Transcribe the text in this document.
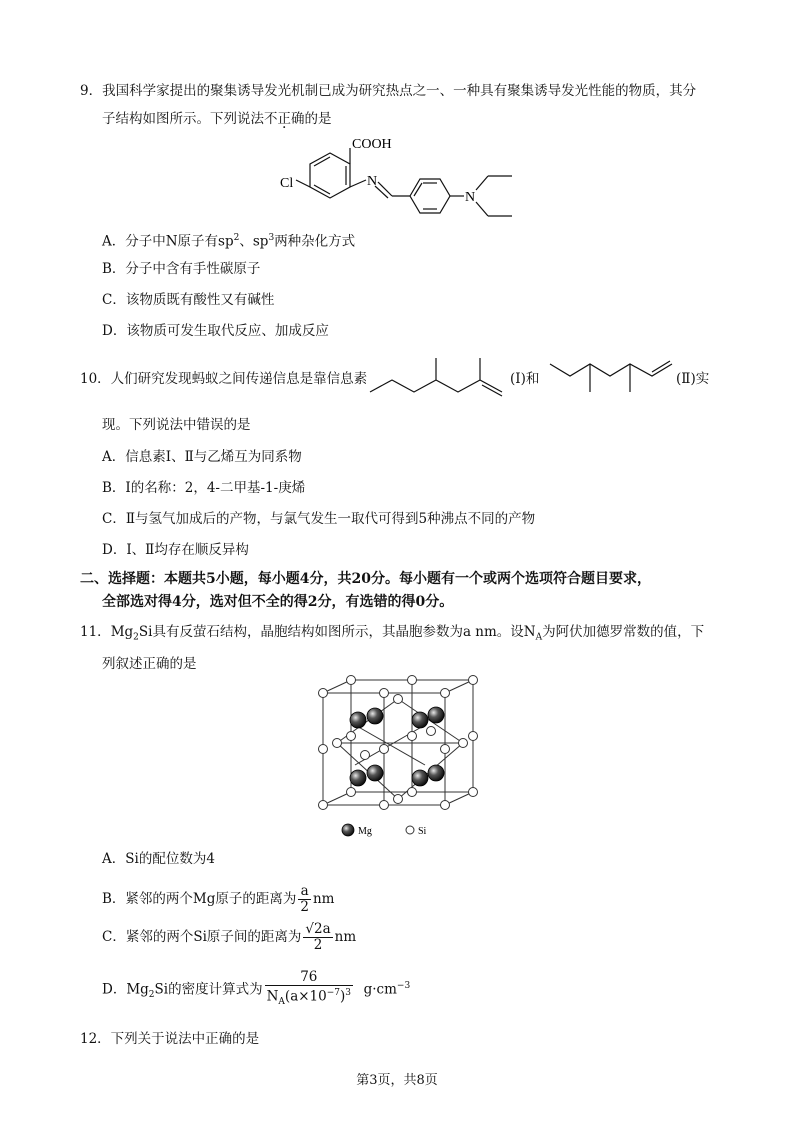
9．我国科学家提出的聚集诱导发光机制已成为研究热点之一、一种具有聚集诱导发光性能的物质，其分
子结构如图所示。下列说法不正确的是
COOH
Cl	N
N
A．分子中N原子有$sp^2$、$sp^3$两种杂化方式
B．分子中含有手性碳原子
C．该物质既有酸性又有碱性
D．该物质可发生取代反应、加成反应
10．人们研究发现蚂蚁之间传递信息是靠信息素	(Ⅰ)和	(Ⅱ)实
现。下列说法中错误的是
A．信息素Ⅰ、Ⅱ与乙烯互为同系物
B．Ⅰ的名称：2，4-二甲基-1-庚烯
C．Ⅱ与氢气加成后的产物，与氯气发生一取代可得到5种沸点不同的产物
D．Ⅰ、Ⅱ均存在顺反异构
二、选择题：本题共5小题，每小题4分，共20分。每小题有一个或两个选项符合题目要求，
全部选对得4分，选对但不全的得2分，有选错的得0分。
11．$Mg_2Si$具有反萤石结构，晶胞结构如图所示，其晶胞参数为a nm。设$N_A$为阿伏加德罗常数的值，下
列叙述正确的是
Mg	Si
A．Si的配位数为4
B．紧邻的两个Mg原子的距离为 $\frac{a}{2}$ nm
C．紧邻的两个Si原子间的距离为 $\frac{√2a}{2}$ nm
D．$Mg_2Si$的密度计算式为 $\frac{76}{N_A(a\times 10^{-7})^3} g\cdot cm^{-3}$
12．下列关于说法中正确的是
第3页，共8页
